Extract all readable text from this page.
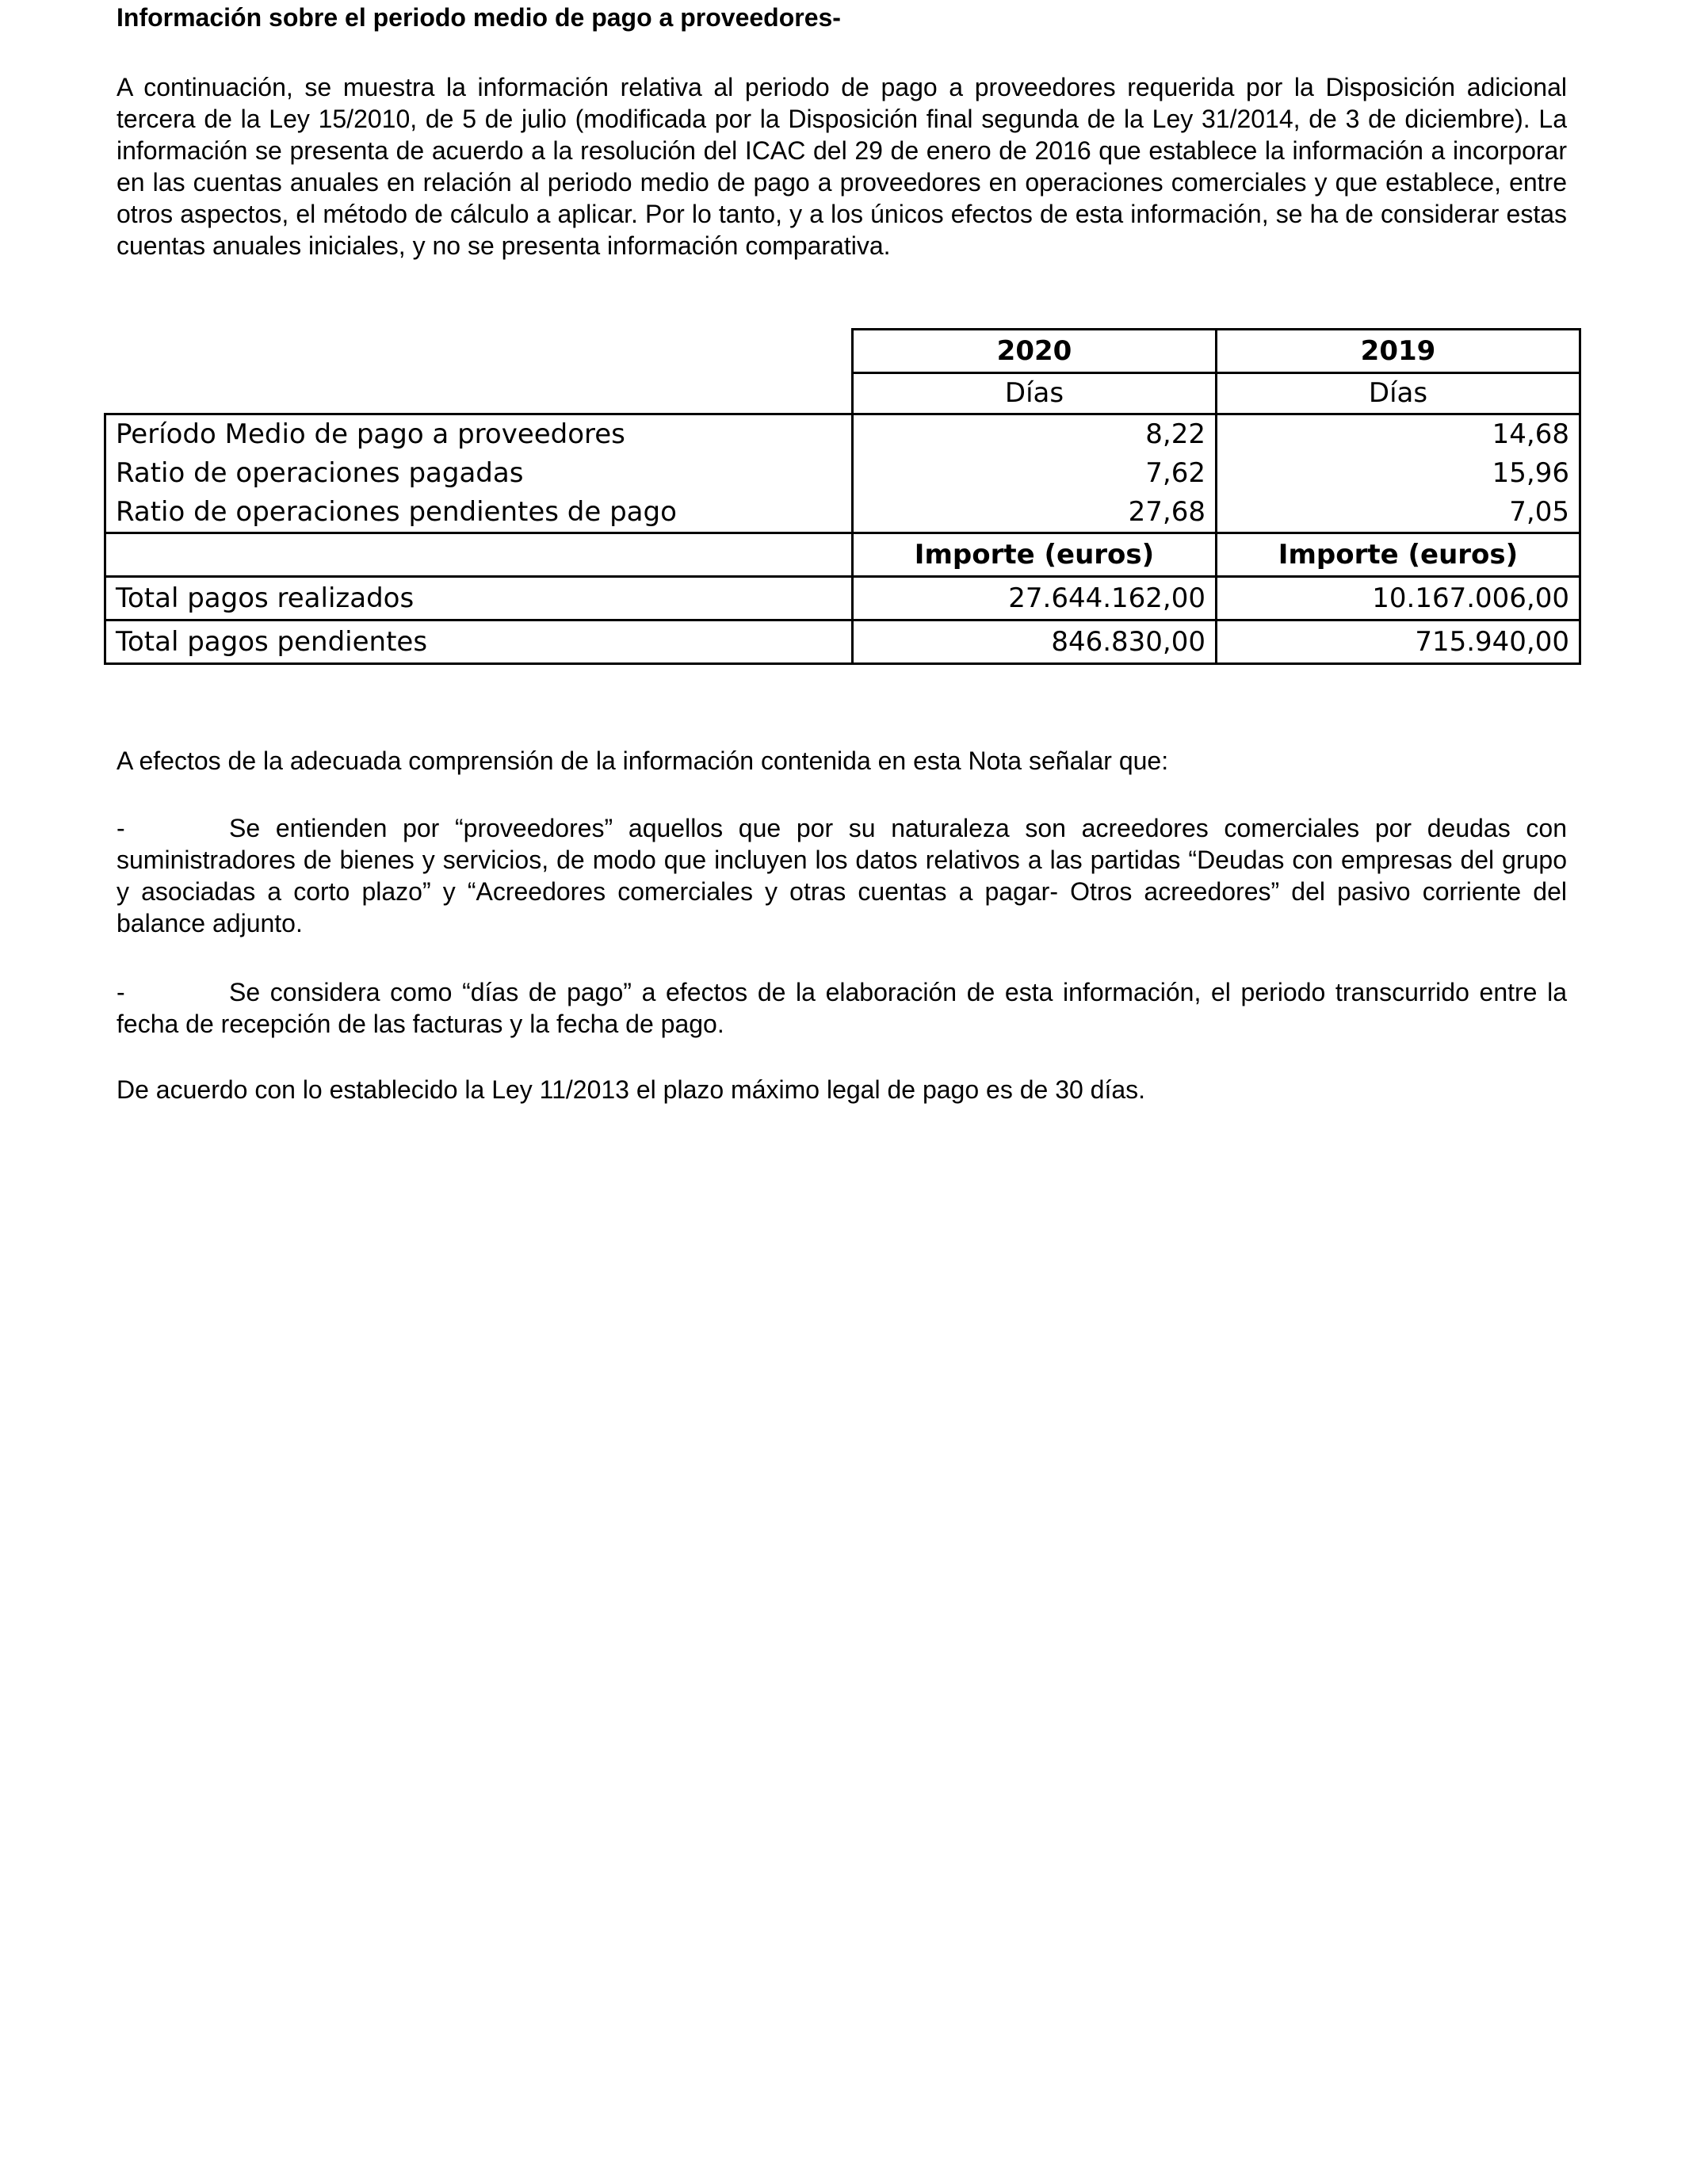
Información sobre el periodo medio de pago a proveedores-

A continuación, se muestra la información relativa al periodo de pago a proveedores requerida por la Disposición adicional tercera de la Ley 15/2010, de 5 de julio (modificada por la Disposición final segunda de la Ley 31/2014, de 3 de diciembre). La información se presenta de acuerdo a la resolución del ICAC del 29 de enero de 2016 que establece la información a incorporar en las cuentas anuales en relación al periodo medio de pago a proveedores en operaciones comerciales y que establece, entre otros aspectos, el método de cálculo a aplicar. Por lo tanto, y a los únicos efectos de esta información, se ha de considerar estas cuentas anuales iniciales, y no se presenta información comparativa.

	2020	2019
	Días	Días
Período Medio de pago a proveedores	8,22	14,68
Ratio de operaciones pagadas	7,62	15,96
Ratio de operaciones pendientes de pago	27,68	7,05
	Importe (euros)	Importe (euros)
Total pagos realizados	27.644.162,00	10.167.006,00
Total pagos pendientes	846.830,00	715.940,00

A efectos de la adecuada comprensión de la información contenida en esta Nota señalar que:

-	Se entienden por “proveedores” aquellos que por su naturaleza son acreedores comerciales por deudas con suministradores de bienes y servicios, de modo que incluyen los datos relativos a las partidas “Deudas con empresas del grupo y asociadas a corto plazo” y “Acreedores comerciales y otras cuentas a pagar- Otros acreedores” del pasivo corriente del balance adjunto.
-	Se considera como “días de pago” a efectos de la elaboración de esta información, el periodo transcurrido entre la fecha de recepción de las facturas y la fecha de pago.

De acuerdo con lo establecido la Ley 11/2013 el plazo máximo legal de pago es de 30 días.
